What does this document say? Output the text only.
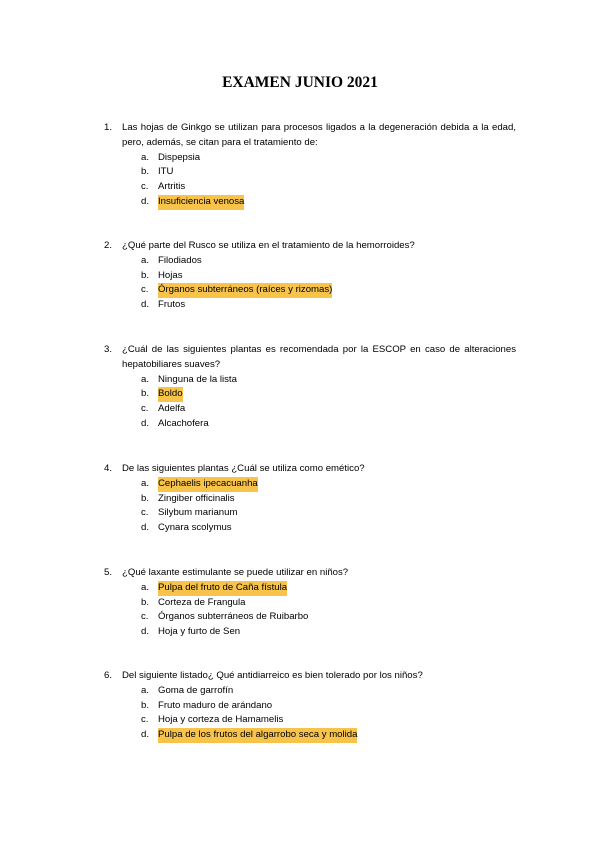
EXAMEN JUNIO 2021
1.	Las hojas de Ginkgo se utilizan para procesos ligados a la degeneración debida a la edad, pero, además, se citan para el tratamiento de:
a. Dispepsia
b. ITU
c. Artritis
d. Insuficiencia venosa
2.	¿Qué parte del Rusco se utiliza en el tratamiento de la hemorroides?
a. Filodiados
b. Hojas
c. Órganos subterráneos (raíces y rizomas)
d. Frutos
3.	¿Cuál de las siguientes plantas es recomendada por la ESCOP en caso de alteraciones hepatobiliares suaves?
a. Ninguna de la lista
b. Boldo
c. Adelfa
d. Alcachofera
4.	De las siguientes plantas ¿Cuál se utiliza como emético?
a. Cephaelis ipecacuanha
b. Zingiber officinalis
c. Silybum marianum
d. Cynara scolymus
5.	¿Qué laxante estimulante se puede utilizar en niños?
a. Pulpa del fruto de Caña fístula
b. Corteza de Frangula
c. Órganos subterráneos de Ruibarbo
d. Hoja y furto de Sen
6.	Del siguiente listado¿ Qué antidiarreico es bien tolerado por los niños?
a. Goma de garrofín
b. Fruto maduro de arándano
c. Hoja y corteza de Hamamelis
d. Pulpa de los frutos del algarrobo seca y molida
